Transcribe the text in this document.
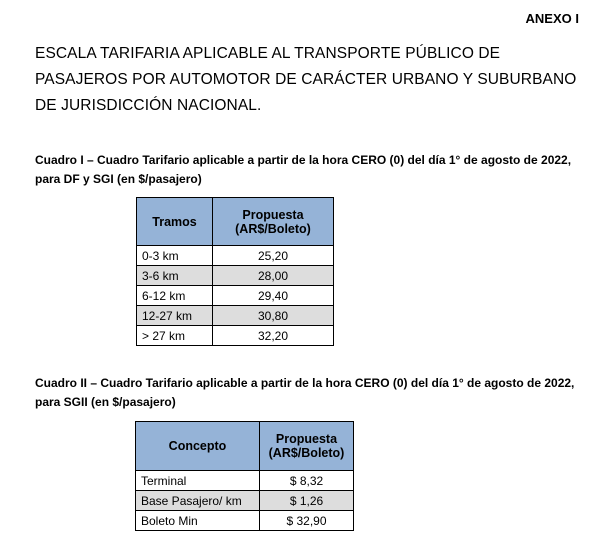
ANEXO I
ESCALA TARIFARIA APLICABLE AL TRANSPORTE PÚBLICO DE
PASAJEROS POR AUTOMOTOR DE CARÁCTER URBANO Y SUBURBANO
DE JURISDICCIÓN NACIONAL.
Cuadro I – Cuadro Tarifario aplicable a partir de la hora CERO (0) del día 1° de agosto de 2022,
para DF y SGI (en $/pasajero)
Tramos	Propuesta
(AR$/Boleto)

0-3 km	25,20
3-6 km	28,00
6-12 km	29,40
12-27 km	30,80
> 27 km	32,20
Cuadro II – Cuadro Tarifario aplicable a partir de la hora CERO (0) del día 1° de agosto de 2022,
para SGII (en $/pasajero)
Concepto	Propuesta
(AR$/Boleto)

Terminal	$ 8,32
Base Pasajero/ km	$ 1,26
Boleto Min	$ 32,90
